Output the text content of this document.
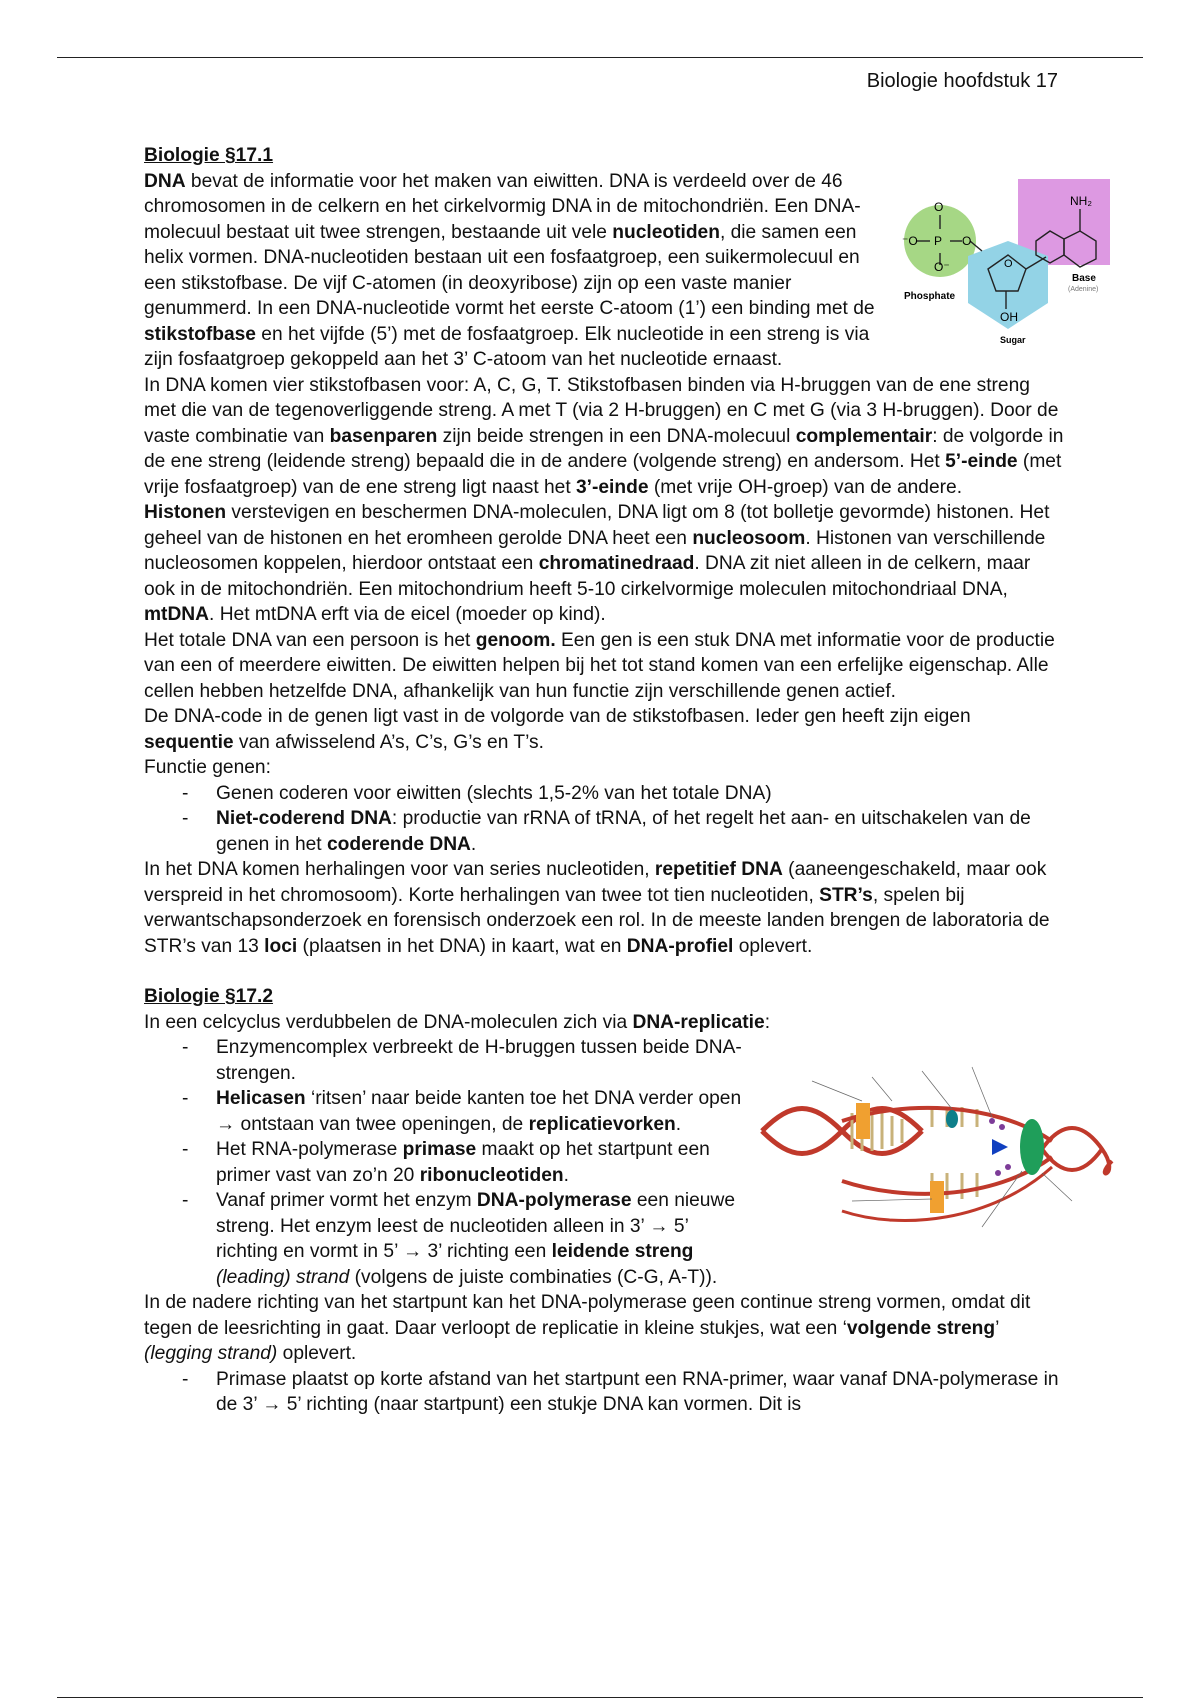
Biologie hoofdstuk 17

Biologie §17.1

O
O⁻
⁻O P O
O
NH₂
OH
Phosphate
Sugar
Base
(Adenine)
DNA bevat de informatie voor het maken van eiwitten. DNA is verdeeld over de 46 chromosomen in de celkern en het cirkelvormig DNA in de mitochondriën. Een DNA-molecuul bestaat uit twee strengen, bestaande uit vele nucleotiden, die samen een helix vormen. DNA-nucleotiden bestaan uit een fosfaatgroep, een suikermolecuul en een stikstofbase. De vijf C-atomen (in deoxyribose) zijn op een vaste manier genummerd. In een DNA-nucleotide vormt het eerste C-atoom (1’) een binding met de stikstofbase en het vijfde (5’) met de fosfaatgroep. Elk nucleotide in een streng is via zijn fosfaatgroep gekoppeld aan het 3’ C-atoom van het nucleotide ernaast.

In DNA komen vier stikstofbasen voor: A, C, G, T. Stikstofbasen binden via H-bruggen van de ene streng met die van de tegenoverliggende streng. A met T (via 2 H-bruggen) en C met G (via 3 H-bruggen). Door de vaste combinatie van basenparen zijn beide strengen in een DNA-molecuul complementair: de volgorde in de ene streng (leidende streng) bepaald die in de andere (volgende streng) en andersom. Het 5’-einde (met vrije fosfaatgroep) van de ene streng ligt naast het 3’-einde (met vrije OH-groep) van de andere.

Histonen verstevigen en beschermen DNA-moleculen, DNA ligt om 8 (tot bolletje gevormde) histonen. Het geheel van de histonen en het eromheen gerolde DNA heet een nucleosoom. Histonen van verschillende nucleosomen koppelen, hierdoor ontstaat een chromatinedraad. DNA zit niet alleen in de celkern, maar ook in de mitochondriën. Een mitochondrium heeft 5-10 cirkelvormige moleculen mitochondriaal DNA, mtDNA. Het mtDNA erft via de eicel (moeder op kind).

Het totale DNA van een persoon is het genoom. Een gen is een stuk DNA met informatie voor de productie van een of meerdere eiwitten. De eiwitten helpen bij het tot stand komen van een erfelijke eigenschap. Alle cellen hebben hetzelfde DNA, afhankelijk van hun functie zijn verschillende genen actief.

De DNA-code in de genen ligt vast in de volgorde van de stikstofbasen. Ieder gen heeft zijn eigen sequentie van afwisselend A’s, C’s, G’s en T’s.

Functie genen:

- Genen coderen voor eiwitten (slechts 1,5-2% van het totale DNA)
- Niet-coderend DNA: productie van rRNA of tRNA, of het regelt het aan- en uitschakelen van de genen in het coderende DNA.

In het DNA komen herhalingen voor van series nucleotiden, repetitief DNA (aaneengeschakeld, maar ook verspreid in het chromosoom). Korte herhalingen van twee tot tien nucleotiden, STR’s, spelen bij verwantschapsonderzoek en forensisch onderzoek een rol. In de meeste landen brengen de laboratoria de STR’s van 13 loci (plaatsen in het DNA) in kaart, wat en DNA-profiel oplevert.

Biologie §17.2

In een celcyclus verdubbelen de DNA-moleculen zich via DNA-replicatie:

- Enzymencomplex verbreekt de H-bruggen tussen beide DNA-strengen.
- Helicasen ‘ritsen’ naar beide kanten toe het DNA verder open → ontstaan van twee openingen, de replicatievorken.
- Het RNA-polymerase primase maakt op het startpunt een primer vast van zo’n 20 ribonucleotiden.
- Vanaf primer vormt het enzym DNA-polymerase een nieuwe streng. Het enzym leest de nucleotiden alleen in 3’ → 5’ richting en vormt in 5’ → 3’ richting een leidende streng (leading) strand (volgens de juiste combinaties (C-G, A-T)).

In de nadere richting van het startpunt kan het DNA-polymerase geen continue streng vormen, omdat dit tegen de leesrichting in gaat. Daar verloopt de replicatie in kleine stukjes, wat een ‘volgende streng’ (legging strand) oplevert.

- Primase plaatst op korte afstand van het startpunt een RNA-primer, waar vanaf DNA-polymerase in de 3’ → 5’ richting (naar startpunt) een stukje DNA kan vormen. Dit is
